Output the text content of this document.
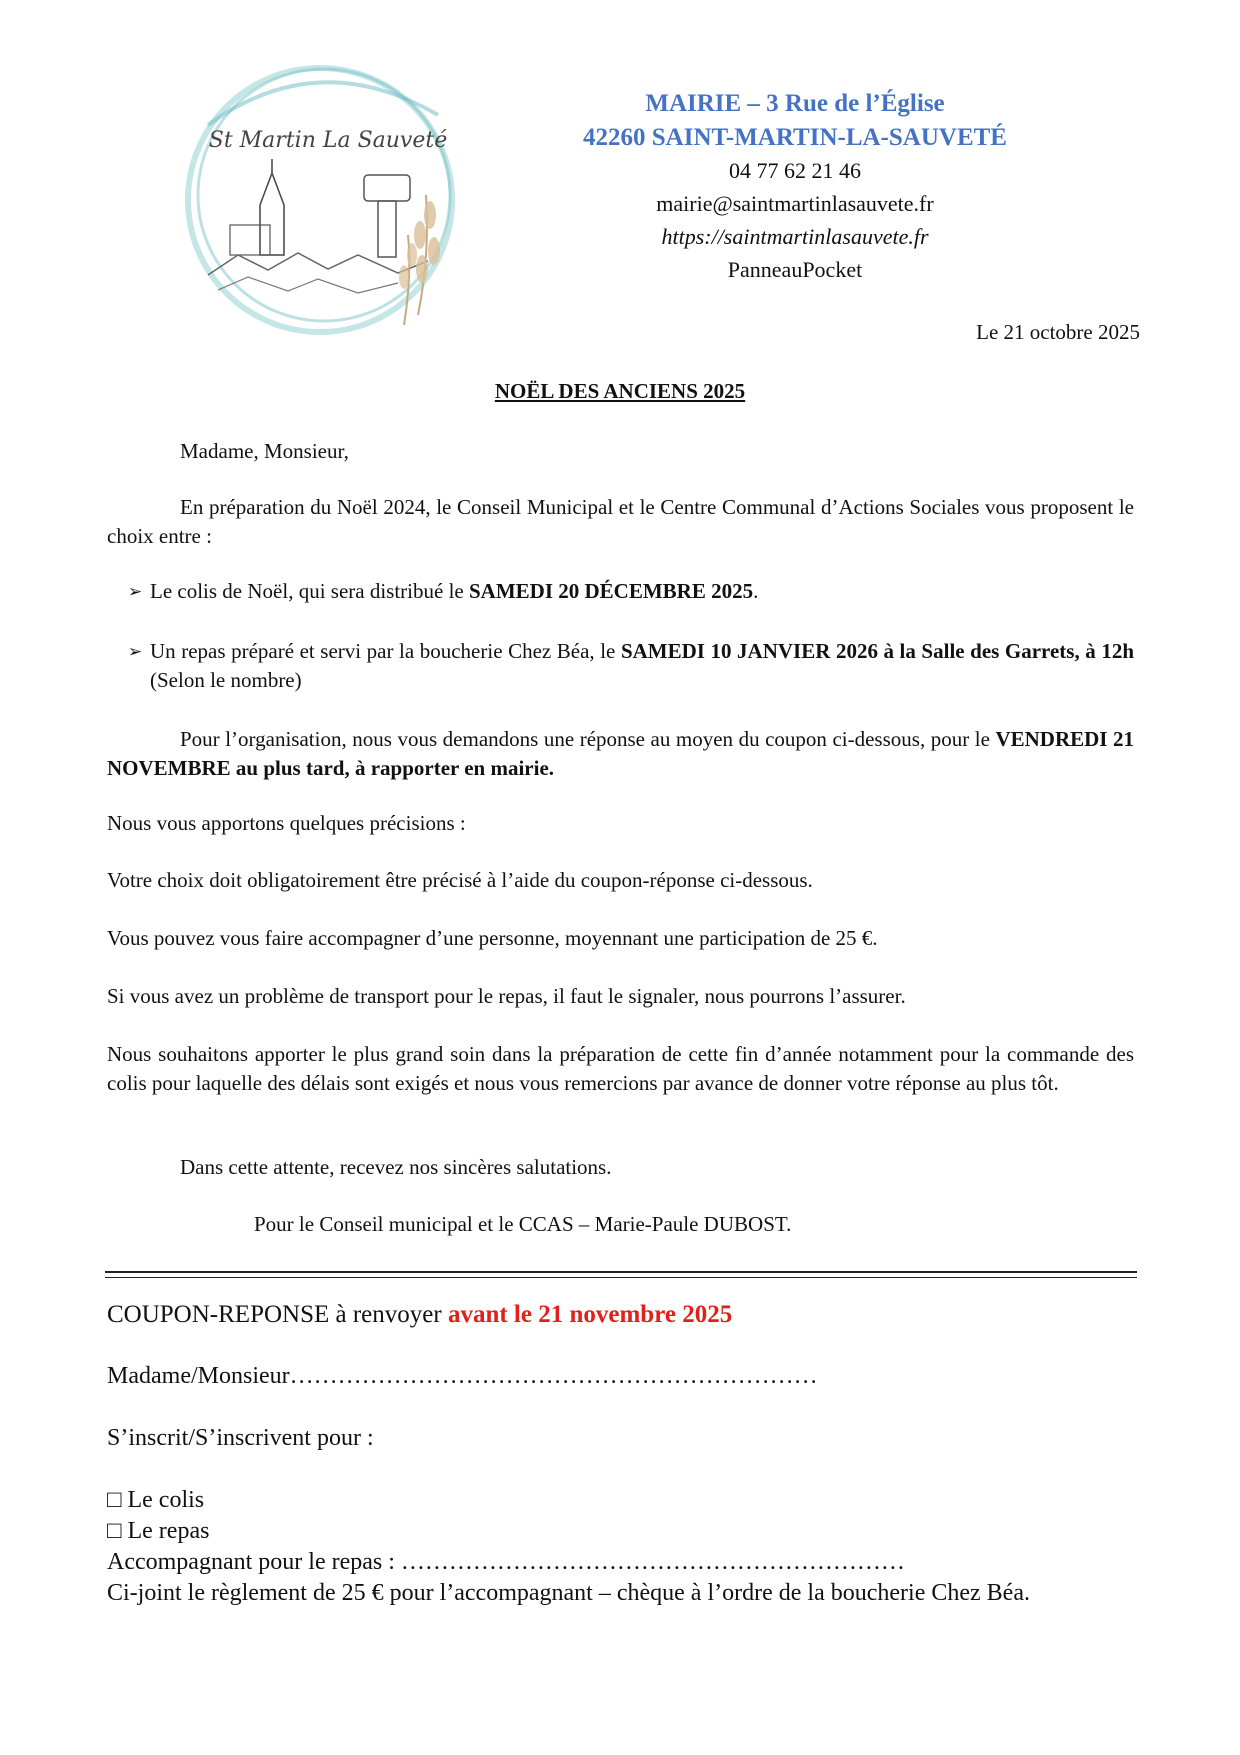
St Martin La Sauveté
MAIRIE – 3 Rue de l’Église
42260 SAINT-MARTIN-LA-SAUVETÉ
04 77 62 21 46
mairie@saintmartinlasauvete.fr
https://saintmartinlasauvete.fr
PanneauPocket
Le 21 octobre 2025
NOËL DES ANCIENS 2025
Madame, Monsieur,
En préparation du Noël 2024, le Conseil Municipal et le Centre Communal d’Actions Sociales vous proposent le choix entre :
➢ Le colis de Noël, qui sera distribué le SAMEDI 20 DÉCEMBRE 2025.
➢ Un repas préparé et servi par la boucherie Chez Béa, le SAMEDI 10 JANVIER 2026 à la Salle des Garrets, à 12h (Selon le nombre)
Pour l’organisation, nous vous demandons une réponse au moyen du coupon ci-dessous, pour le VENDREDI 21 NOVEMBRE au plus tard, à rapporter en mairie.
Nous vous apportons quelques précisions :
Votre choix doit obligatoirement être précisé à l’aide du coupon-réponse ci-dessous.
Vous pouvez vous faire accompagner d’une personne, moyennant une participation de 25 €.
Si vous avez un problème de transport pour le repas, il faut le signaler, nous pourrons l’assurer.
Nous souhaitons apporter le plus grand soin dans la préparation de cette fin d’année notamment pour la commande des colis pour laquelle des délais sont exigés et nous vous remercions par avance de donner votre réponse au plus tôt.
Dans cette attente, recevez nos sincères salutations.
Pour le Conseil municipal et le CCAS – Marie-Paule DUBOST.
COUPON-REPONSE à renvoyer avant le 21 novembre 2025
Madame/Monsieur…………………………………………………………
S’inscrit/S’inscrivent pour :
□ Le colis
□ Le repas
Accompagnant pour le repas : ………………………………………………………
Ci-joint le règlement de 25 € pour l’accompagnant – chèque à l’ordre de la boucherie Chez Béa.
